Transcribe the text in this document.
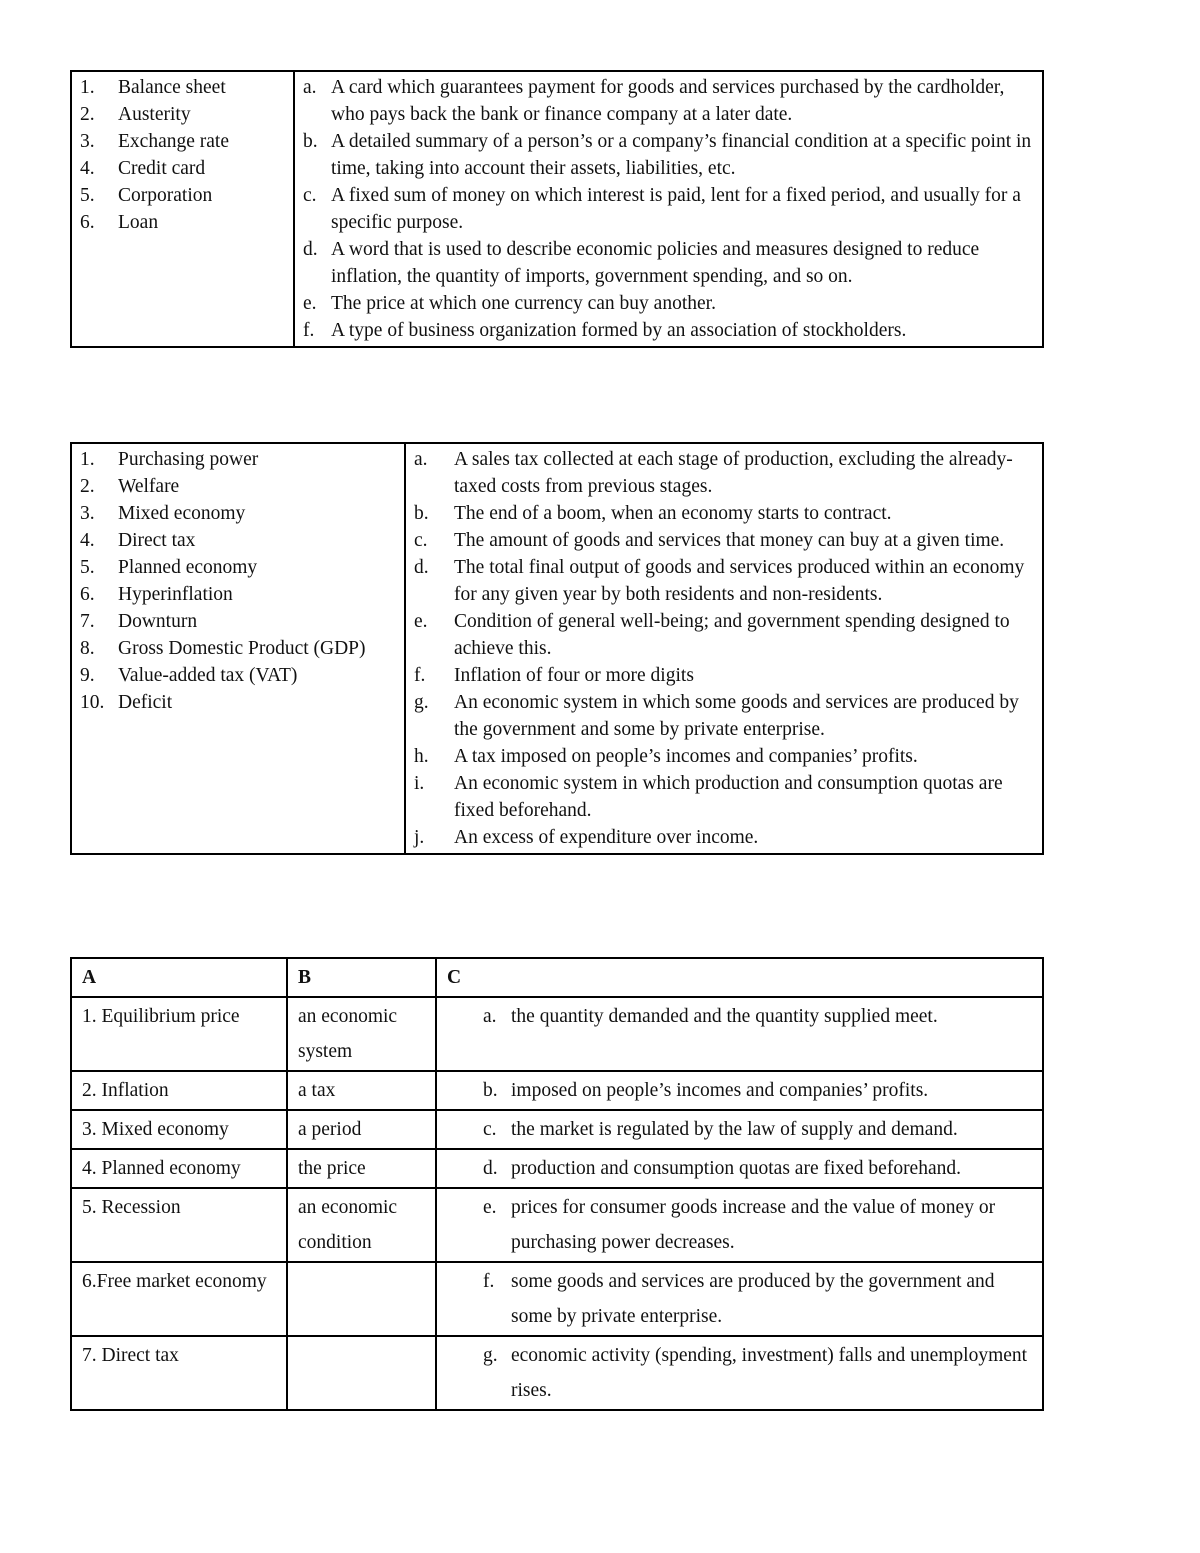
1.	Balance sheet
2.	Austerity
3.	Exchange rate
4.	Credit card
5.	Corporation
6.	Loan

a. A card which guarantees payment for goods and services purchased by the cardholder, who pays back the bank or finance company at a later date.
b. A detailed summary of a person’s or a company’s financial condition at a specific point in time, taking into account their assets, liabilities, etc.
c. A fixed sum of money on which interest is paid, lent for a fixed period, and usually for a specific purpose.
d. A word that is used to describe economic policies and measures designed to reduce inflation, the quantity of imports, government spending, and so on.
e. The price at which one currency can buy another.
f. A type of business organization formed by an association of stockholders.
1.	Purchasing power
2.	Welfare
3.	Mixed economy
4.	Direct tax
5.	Planned economy
6.	Hyperinflation
7.	Downturn
8.	Gross Domestic Product (GDP)
9.	Value-added tax (VAT)
10. Deficit

a.	A sales tax collected at each stage of production, excluding the already-taxed costs from previous stages.
b.	The end of a boom, when an economy starts to contract.
c.	The amount of goods and services that money can buy at a given time.
d.	The total final output of goods and services produced within an economy for any given year by both residents and non-residents.
e.	Condition of general well-being; and government spending designed to achieve this.
f.	Inflation of four or more digits
g.	An economic system in which some goods and services are produced by the government and some by private enterprise.
h.	A tax imposed on people’s incomes and companies’ profits.
i.	An economic system in which production and consumption quotas are fixed beforehand.
j.	An excess of expenditure over income.
A	B	C
1. Equilibrium price	an economic system	a. the quantity demanded and the quantity supplied meet.

2. Inflation	a tax	b. imposed on people’s incomes and companies’ profits.

3. Mixed economy	a period	c. the market is regulated by the law of supply and demand.

4. Planned economy	the price	d. production and consumption quotas are fixed beforehand.

5. Recession	an economic condition	e. prices for consumer goods increase and the value of money or purchasing power decreases.

6.Free market economy		f. some goods and services are produced by the government and some by private enterprise.

7. Direct tax		g. economic activity (spending, investment) falls and unemployment rises.
